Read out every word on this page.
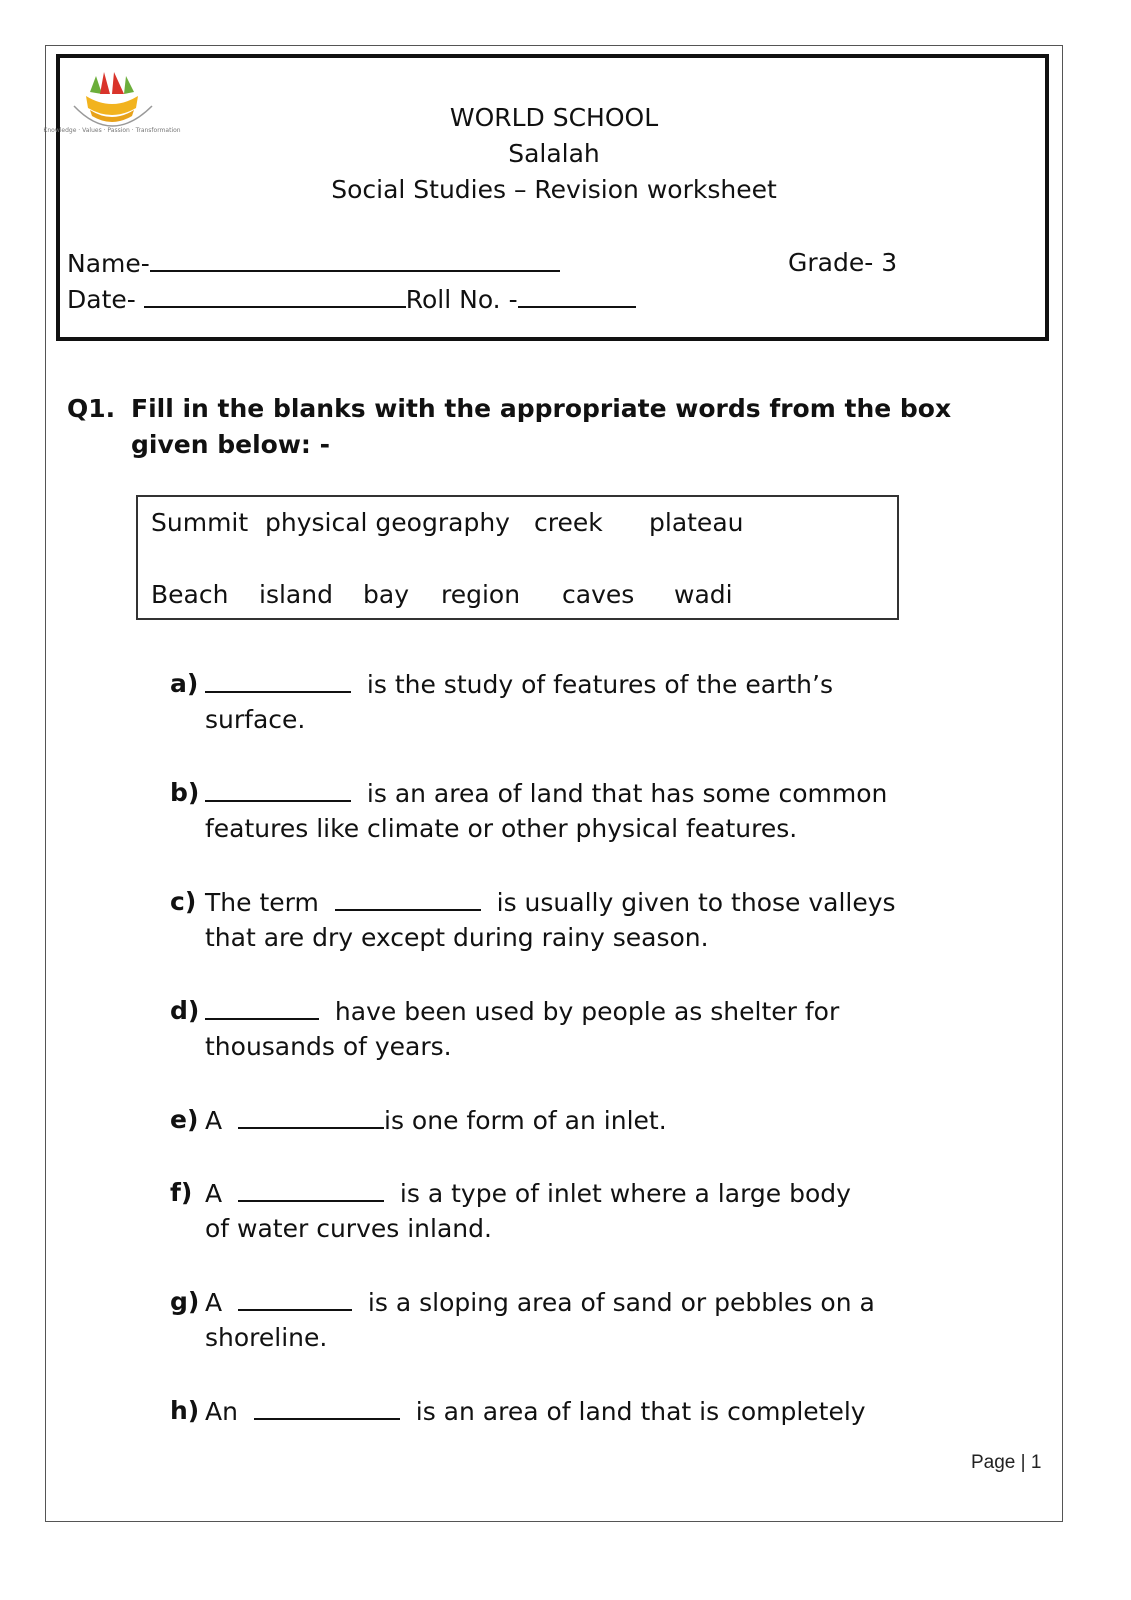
Knowledge · Values · Passion · Transformation	WORLD SCHOOL
Salalah
Social Studies – Revision worksheet
Name-	Grade- 3
Date-	Roll No. -
Q1. Fill in the blanks with the appropriate words from the box
given below: -
Summit physical geography creek plateau
Beach island bay region caves wadi
a)	is the study of features of the earth’s
surface.
b)	is an area of land that has some common
features like climate or other physical features.
c) The term	is usually given to those valleys
that are dry except during rainy season.
d)	have been used by people as shelter for
thousands of years.
e) A	is one form of an inlet.
f) A	is a type of inlet where a large body
of water curves inland.
g) A	is a sloping area of sand or pebbles on a
shoreline.
h) An	is an area of land that is completely
Page | 1
